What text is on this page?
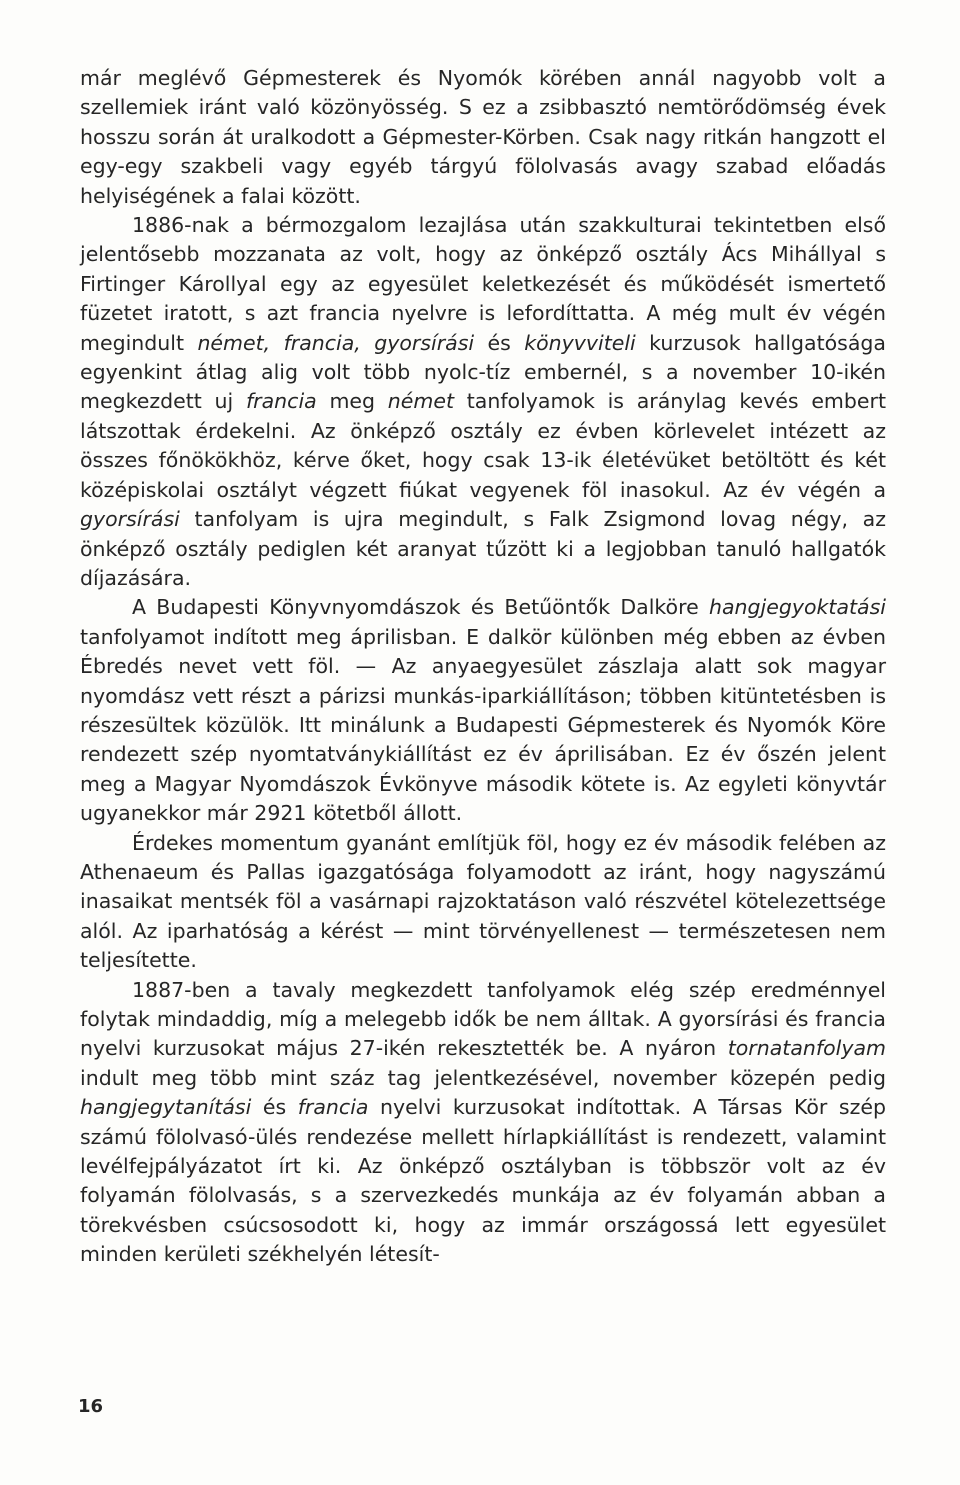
már meglévő Gépmesterek és Nyomók körében annál nagyobb volt a szellemiek iránt való közönyösség. S ez a zsibbasztó nemtörődömség évek hosszu során át uralkodott a Gépmester-Körben. Csak nagy ritkán hangzott el egy-egy szakbeli vagy egyéb tárgyú fölolvasás avagy szabad előadás helyiségének a falai között.

1886-nak a bérmozgalom lezajlása után szakkulturai tekintetben első jelentősebb mozzanata az volt, hogy az önképző osztály Ács Mihállyal s Firtinger Károllyal egy az egyesület keletkezését és működését ismertető füzetet iratott, s azt francia nyelvre is lefordíttatta. A még mult év végén megindult német, francia, gyorsírási és könyvviteli kurzusok hallgatósága egyenkint átlag alig volt több nyolc-tíz embernél, s a november 10-ikén megkezdett uj francia meg német tanfolyamok is aránylag kevés embert látszottak érdekelni. Az önképző osztály ez évben körlevelet intézett az összes főnökökhöz, kérve őket, hogy csak 13-ik életévüket betöltött és két középiskolai osztályt végzett fiúkat vegyenek föl inasokul. Az év végén a gyorsírási tanfolyam is ujra megindult, s Falk Zsigmond lovag négy, az önképző osztály pediglen két aranyat tűzött ki a legjobban tanuló hallgatók díjazására.

A Budapesti Könyvnyomdászok és Betűöntők Dalköre hangjegyoktatási tanfolyamot indított meg áprilisban. E dalkör különben még ebben az évben Ébredés nevet vett föl. — Az anyaegyesület zászlaja alatt sok magyar nyomdász vett részt a párizsi munkás-iparkiállításon; többen kitüntetésben is részesültek közülök. Itt minálunk a Budapesti Gépmesterek és Nyomók Köre rendezett szép nyomtatványkiállítást ez év áprilisában. Ez év őszén jelent meg a Magyar Nyomdászok Évkönyve második kötete is. Az egyleti könyvtár ugyanekkor már 2921 kötetből állott.

Érdekes momentum gyanánt említjük föl, hogy ez év második felében az Athenaeum és Pallas igazgatósága folyamodott az iránt, hogy nagyszámú inasaikat mentsék föl a vasárnapi rajzoktatáson való részvétel kötelezettsége alól. Az iparhatóság a kérést — mint törvényellenest — természetesen nem teljesítette.

1887-ben a tavaly megkezdett tanfolyamok elég szép eredménnyel folytak mindaddig, míg a melegebb idők be nem álltak. A gyorsírási és francia nyelvi kurzusokat május 27-ikén rekesztették be. A nyáron tornatanfolyam indult meg több mint száz tag jelentkezésével, november közepén pedig hangjegytanítási és francia nyelvi kurzusokat indítottak. A Társas Kör szép számú fölolvasó-ülés rendezése mellett hírlapkiállítást is rendezett, valamint levélfejpályázatot írt ki. Az önképző osztályban is többször volt az év folyamán fölolvasás, s a szervezkedés munkája az év folyamán abban a törekvésben csúcsosodott ki, hogy az immár országossá lett egyesület minden kerületi székhelyén létesít-

16
